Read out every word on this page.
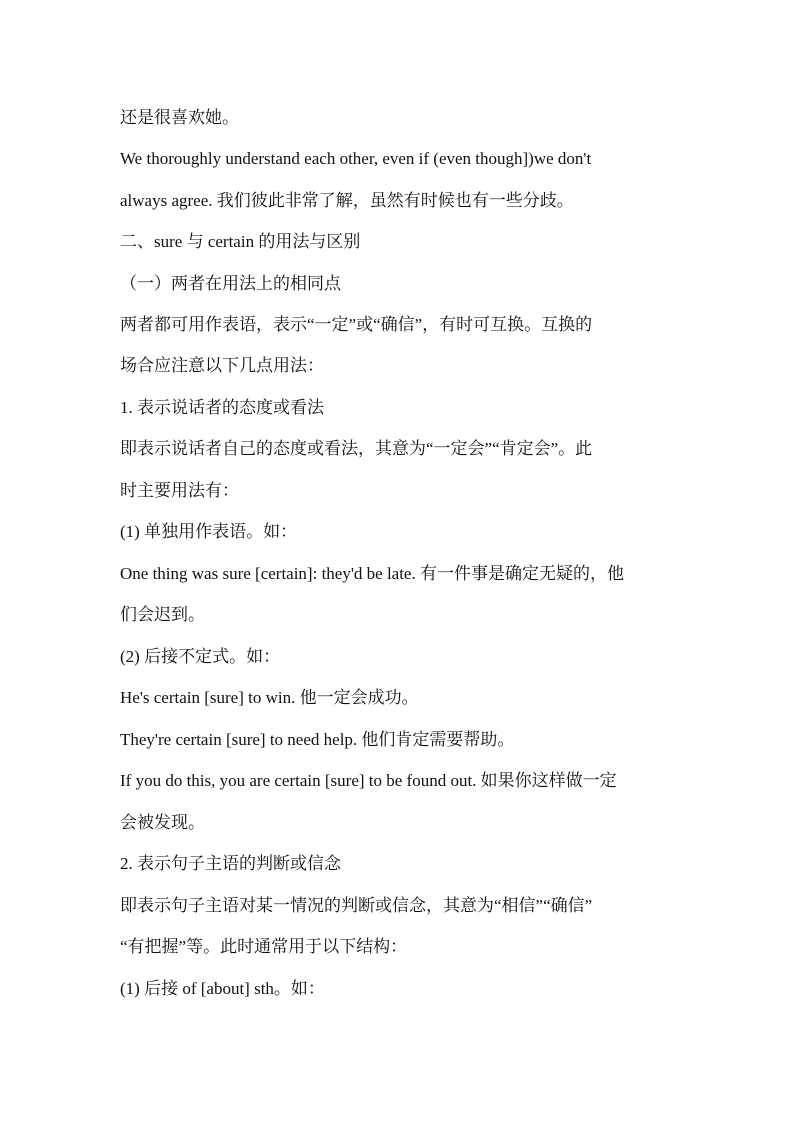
还是很喜欢她。
We thoroughly understand each other, even if (even though])we don't
always agree. 我们彼此非常了解，虽然有时候也有一些分歧。
二、sure 与 certain 的用法与区别
（一）两者在用法上的相同点
两者都可用作表语，表示“一定”或“确信”，有时可互换。互换的
场合应注意以下几点用法：
1. 表示说话者的态度或看法
即表示说话者自己的态度或看法，其意为“一定会”“肯定会”。此
时主要用法有：
(1) 单独用作表语。如：
One thing was sure [certain]: they'd be late. 有一件事是确定无疑的，他
们会迟到。
(2) 后接不定式。如：
He's certain [sure] to win. 他一定会成功。
They're certain [sure] to need help. 他们肯定需要帮助。
If you do this, you are certain [sure] to be found out. 如果你这样做一定
会被发现。
2. 表示句子主语的判断或信念
即表示句子主语对某一情况的判断或信念，其意为“相信”“确信”
“有把握”等。此时通常用于以下结构：
(1) 后接 of [about] sth。如：
